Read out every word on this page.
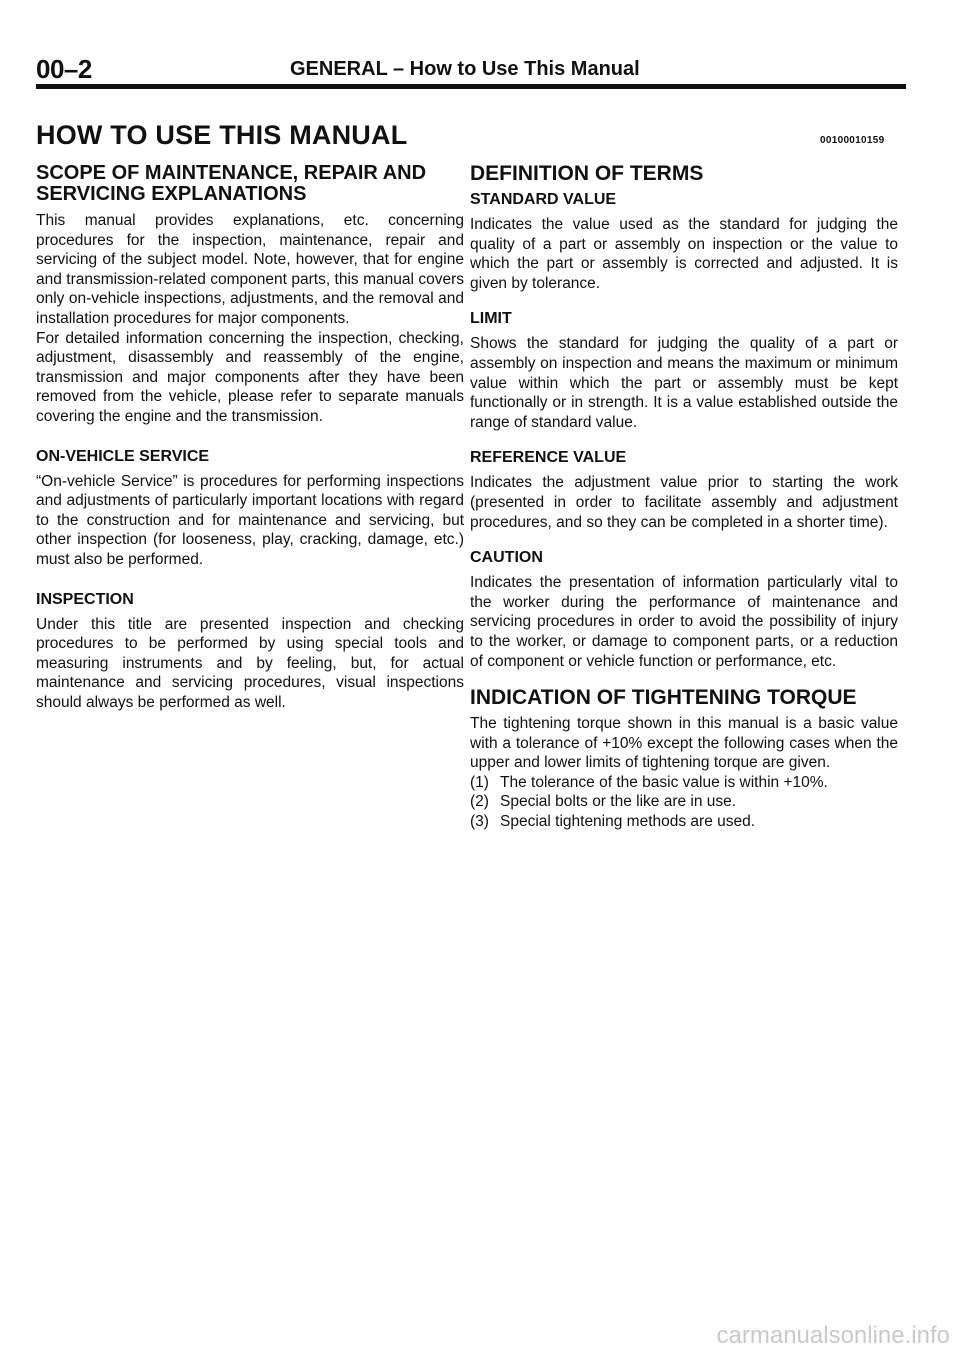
00–2	GENERAL – How to Use This Manual
HOW TO USE THIS MANUAL	00100010159
SCOPE OF MAINTENANCE, REPAIR AND SERVICING EXPLANATIONS

This manual provides explanations, etc. concerning procedures for the inspection, maintenance, repair and servicing of the subject model. Note, however, that for engine and transmission-related component parts, this manual covers only on-vehicle inspections, adjustments, and the removal and installation procedures for major components.

For detailed information concerning the inspection, checking, adjustment, disassembly and reassembly of the engine, transmission and major components after they have been removed from the vehicle, please refer to separate manuals covering the engine and the transmission.

ON-VEHICLE SERVICE

“On-vehicle Service” is procedures for performing inspections and adjustments of particularly important locations with regard to the construction and for maintenance and servicing, but other inspection (for looseness, play, cracking, damage, etc.) must also be performed.

INSPECTION

Under this title are presented inspection and checking procedures to be performed by using special tools and measuring instruments and by feeling, but, for actual maintenance and servicing procedures, visual inspections should always be performed as well.

DEFINITION OF TERMS
STANDARD VALUE

Indicates the value used as the standard for judging the quality of a part or assembly on inspection or the value to which the part or assembly is corrected and adjusted. It is given by tolerance.

LIMIT

Shows the standard for judging the quality of a part or assembly on inspection and means the maximum or minimum value within which the part or assembly must be kept functionally or in strength. It is a value established outside the range of standard value.

REFERENCE VALUE

Indicates the adjustment value prior to starting the work (presented in order to facilitate assembly and adjustment procedures, and so they can be completed in a shorter time).

CAUTION

Indicates the presentation of information particularly vital to the worker during the performance of maintenance and servicing procedures in order to avoid the possibility of injury to the worker, or damage to component parts, or a reduction of component or vehicle function or performance, etc.

INDICATION OF TIGHTENING TORQUE

The tightening torque shown in this manual is a basic value with a tolerance of +10% except the following cases when the upper and lower limits of tightening torque are given.

(1) The tolerance of the basic value is within +10%.
(2) Special bolts or the like are in use.
(3) Special tightening methods are used.
carmanualsonline.info
